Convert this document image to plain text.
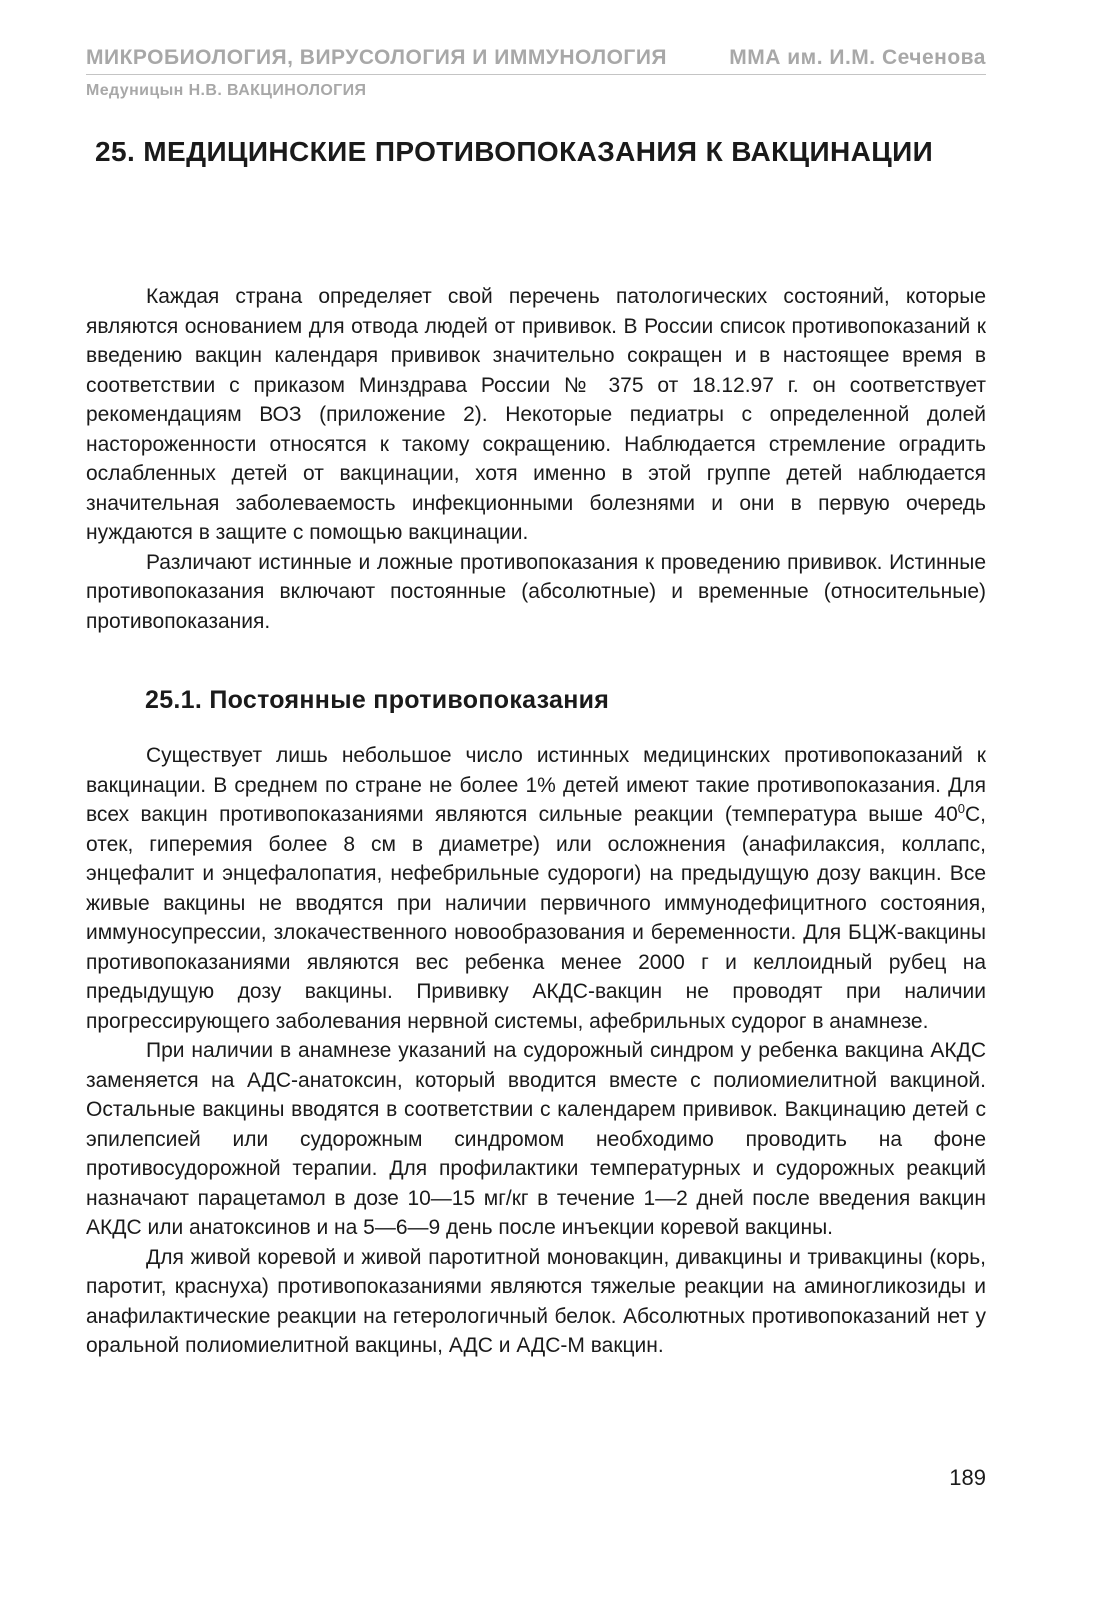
МИКРОБИОЛОГИЯ, ВИРУСОЛОГИЯ И ИММУНОЛОГИЯ	ММА им. И.М. Сеченова
Медуницын Н.В. ВАКЦИНОЛОГИЯ
25. МЕДИЦИНСКИЕ ПРОТИВОПОКАЗАНИЯ К ВАКЦИНАЦИИ

Каждая страна определяет свой перечень патологических состояний, которые являются основанием для отвода людей от прививок. В России список противопоказаний к введению вакцин календаря прививок значительно сокращен и в настоящее время в соответствии с приказом Минздрава России № 375 от 18.12.97 г. он соответствует рекомендациям ВОЗ (приложение 2). Некоторые педиатры с определенной долей настороженности относятся к такому сокращению. Наблюдается стремление оградить ослабленных детей от вакцинации, хотя именно в этой группе детей наблюдается значительная заболеваемость инфекционными болезнями и они в первую очередь нуждаются в защите с помощью вакцинации.

Различают истинные и ложные противопоказания к проведению прививок. Истинные противопоказания включают постоянные (абсолютные) и временные (относительные) противопоказания.

25.1. Постоянные противопоказания

Существует лишь небольшое число истинных медицинских противопоказаний к вакцинации. В среднем по стране не более 1% детей имеют такие противопоказания. Для всех вакцин противопоказаниями являются сильные реакции (температура выше $40^0С$, отек, гиперемия более 8 см в диаметре) или осложнения (анафилаксия, коллапс, энцефалит и энцефалопатия, нефебрильные судороги) на предыдущую дозу вакцин. Все живые вакцины не вводятся при наличии первичного иммунодефицитного состояния, иммуносупрессии, злокачественного новообразования и беременности. Для БЦЖ-вакцины противопоказаниями являются вес ребенка менее 2000 г и келлоидный рубец на предыдущую дозу вакцины. Прививку АКДС-вакцин не проводят при наличии прогрессирующего заболевания нервной системы, афебрильных судорог в анамнезе.

При наличии в анамнезе указаний на судорожный синдром у ребенка вакцина АКДС заменяется на АДС-анатоксин, который вводится вместе с полиомиелитной вакциной. Остальные вакцины вводятся в соответствии с календарем прививок. Вакцинацию детей с эпилепсией или судорожным синдромом необходимо проводить на фоне противосудорожной терапии. Для профилактики температурных и судорожных реакций назначают парацетамол в дозе 10—15 мг/кг в течение 1—2 дней после введения вакцин АКДС или анатоксинов и на 5—6—9 день после инъекции коревой вакцины.

Для живой коревой и живой паротитной моновакцин, дивакцины и тривакцины (корь, паротит, краснуха) противопоказаниями являются тяжелые реакции на аминогликозиды и анафилактические реакции на гетерологичный белок. Абсолютных противопоказаний нет у оральной полиомиелитной вакцины, АДС и АДС-М вакцин.

189
